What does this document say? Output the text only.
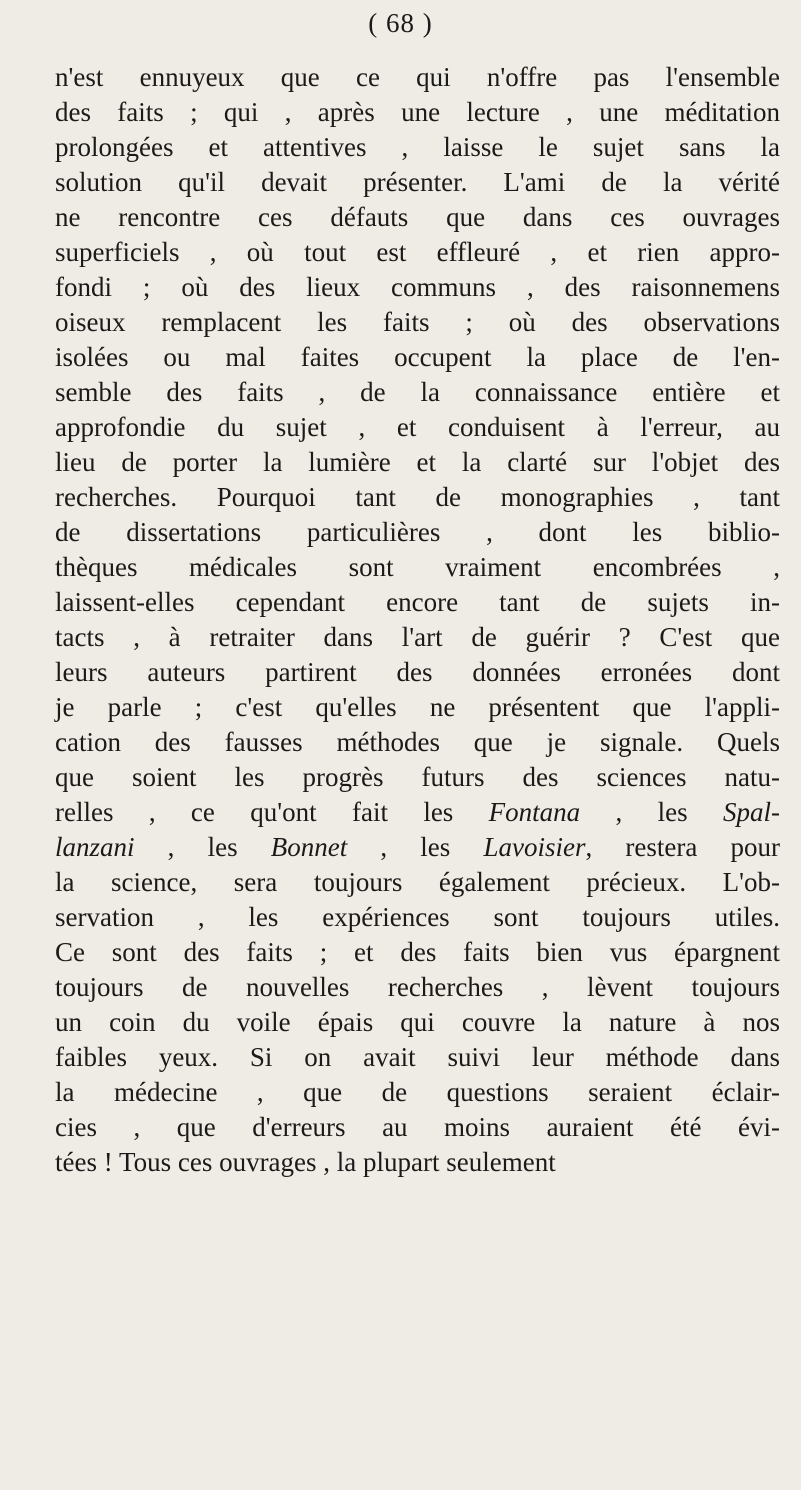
( 68 )
n'est ennuyeux que ce qui n'offre pas l'ensemble
des faits ; qui , après une lecture , une méditation
prolongées et attentives , laisse le sujet sans la
solution qu'il devait présenter. L'ami de la vérité
ne rencontre ces défauts que dans ces ouvrages
superficiels , où tout est effleuré , et rien appro-
fondi ; où des lieux communs , des raisonnemens
oiseux remplacent les faits ; où des observations
isolées ou mal faites occupent la place de l'en-
semble des faits , de la connaissance entière et
approfondie du sujet , et conduisent à l'erreur, au
lieu de porter la lumière et la clarté sur l'objet des
recherches. Pourquoi tant de monographies , tant
de dissertations particulières , dont les biblio-
thèques médicales sont vraiment encombrées ,
laissent-elles cependant encore tant de sujets in-
tacts , à retraiter dans l'art de guérir ? C'est que
leurs auteurs partirent des données erronées dont
je parle ; c'est qu'elles ne présentent que l'appli-
cation des fausses méthodes que je signale. Quels
que soient les progrès futurs des sciences natu-
relles , ce qu'ont fait les Fontana , les Spal-
lanzani , les Bonnet , les Lavoisier, restera pour
la science, sera toujours également précieux. L'ob-
servation , les expériences sont toujours utiles.
Ce sont des faits ; et des faits bien vus épargnent
toujours de nouvelles recherches , lèvent toujours
un coin du voile épais qui couvre la nature à nos
faibles yeux. Si on avait suivi leur méthode dans
la médecine , que de questions seraient éclair-
cies , que d'erreurs au moins auraient été évi-
tées ! Tous ces ouvrages , la plupart seulement
